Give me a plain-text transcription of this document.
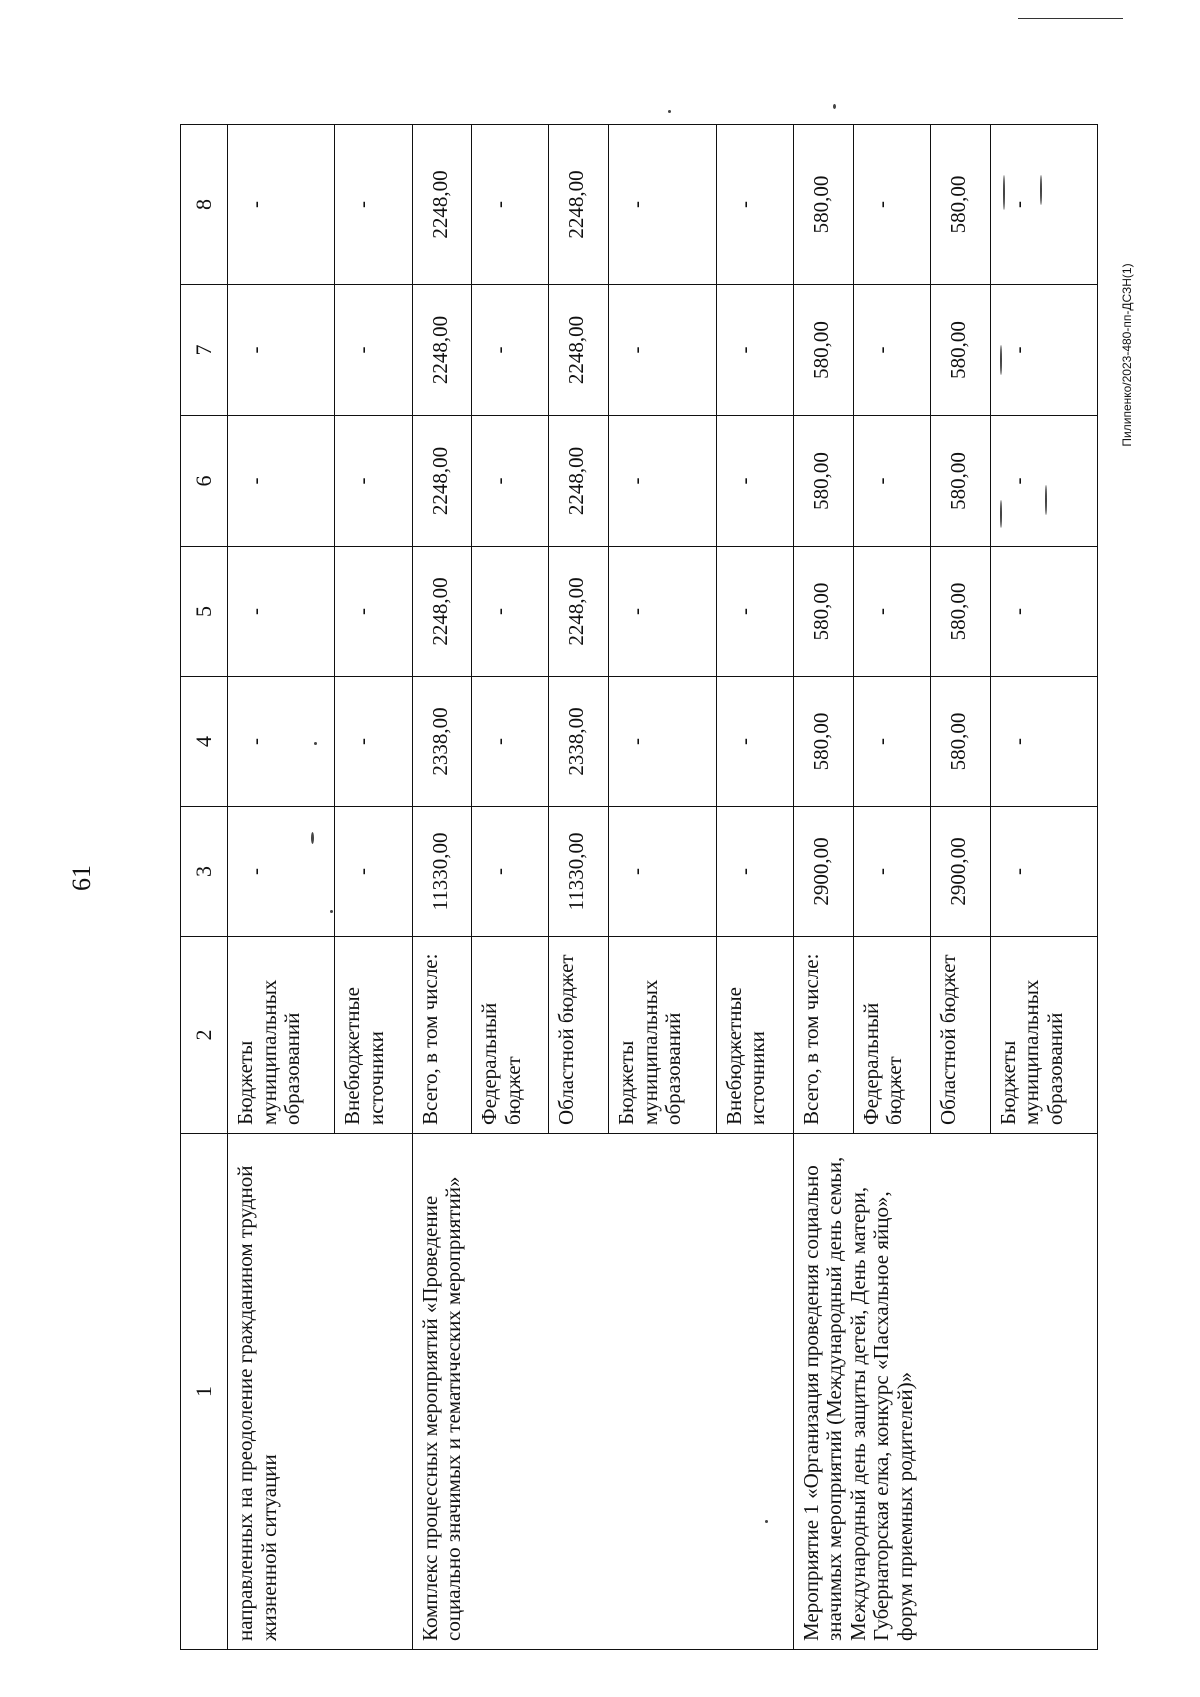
61
1	2	3	4	5	6	7	8
направленных на преодоление гражданином трудной жизненной ситуации	Бюджеты муниципальных образований	-	-	-	-	-	-
	Внебюджетные источники	-	-	-	-	-	-
Комплекс процессных мероприятий «Проведение социально значимых и тематических мероприятий»	Всего, в том числе:	11330,00	2338,00	2248,00	2248,00	2248,00	2248,00
	Федеральный бюджет	-	-	-	-	-	-
	Областной бюджет	11330,00	2338,00	2248,00	2248,00	2248,00	2248,00
	Бюджеты муниципальных образований	-	-	-	-	-	-
	Внебюджетные источники	-	-	-	-	-	-
Мероприятие 1 «Организация проведения социально значимых мероприятий (Международный день семьи, Международный день защиты детей, День матери, Губернаторская елка, конкурс «Пасхальное яйцо», форум приемных родителей)»	Всего, в том числе:	2900,00	580,00	580,00	580,00	580,00	580,00
	Федеральный бюджет	-	-	-	-	-	-
	Областной бюджет	2900,00	580,00	580,00	580,00	580,00	580,00
	Бюджеты муниципальных образований	-	-	-	-	-	-
Пилипенко/2023-480-пп-ДСЗН(1)
